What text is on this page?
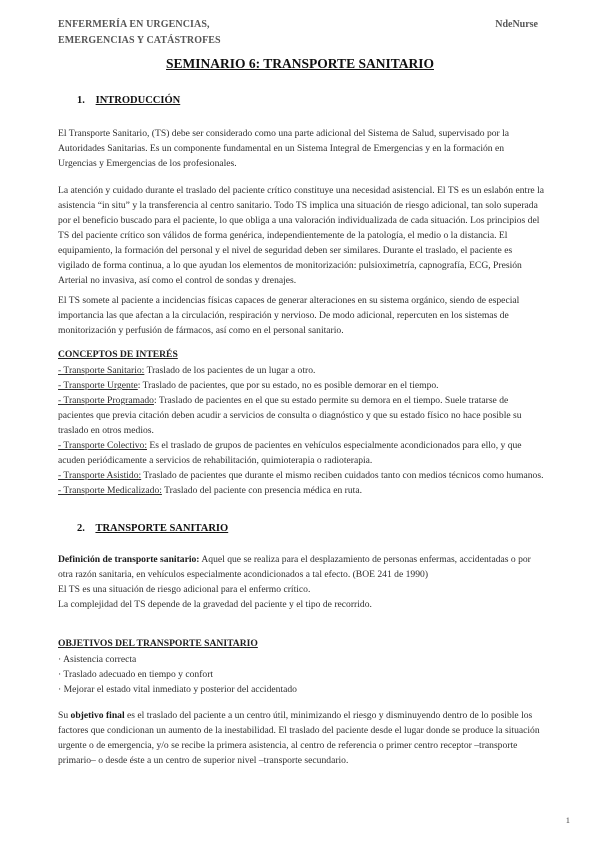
ENFERMERÍA EN URGENCIAS,
EMERGENCIAS Y CATÁSTROFES
NdeNurse
SEMINARIO 6: TRANSPORTE SANITARIO
1. INTRODUCCIÓN

El Transporte Sanitario, (TS) debe ser considerado como una parte adicional del Sistema de Salud, supervisado por la Autoridades Sanitarias. Es un componente fundamental en un Sistema Integral de Emergencias y en la formación en Urgencias y Emergencias de los profesionales.

La atención y cuidado durante el traslado del paciente crítico constituye una necesidad asistencial. El TS es un eslabón entre la asistencia “in situ” y la transferencia al centro sanitario. Todo TS implica una situación de riesgo adicional, tan solo superada por el beneficio buscado para el paciente, lo que obliga a una valoración individualizada de cada situación. Los principios del TS del paciente crítico son válidos de forma genérica, independientemente de la patología, el medio o la distancia. El equipamiento, la formación del personal y el nivel de seguridad deben ser similares. Durante el traslado, el paciente es vigilado de forma continua, a lo que ayudan los elementos de monitorización: pulsioximetría, capnografía, ECG, Presión Arterial no invasiva, así como el control de sondas y drenajes.

El TS somete al paciente a incidencias físicas capaces de generar alteraciones en su sistema orgánico, siendo de especial importancia las que afectan a la circulación, respiración y nervioso. De modo adicional, repercuten en los sistemas de monitorización y perfusión de fármacos, así como en el personal sanitario.

CONCEPTOS DE INTERÉS

- Transporte Sanitario: Traslado de los pacientes de un lugar a otro.

- Transporte Urgente: Traslado de pacientes, que por su estado, no es posible demorar en el tiempo.

- Transporte Programado: Traslado de pacientes en el que su estado permite su demora en el tiempo. Suele tratarse de pacientes que previa citación deben acudir a servicios de consulta o diagnóstico y que su estado físico no hace posible su traslado en otros medios.

- Transporte Colectivo: Es el traslado de grupos de pacientes en vehículos especialmente acondicionados para ello, y que acuden periódicamente a servicios de rehabilitación, quimioterapia o radioterapia.

- Transporte Asistido: Traslado de pacientes que durante el mismo reciben cuidados tanto con medios técnicos como humanos.

- Transporte Medicalizado: Traslado del paciente con presencia médica en ruta.

2. TRANSPORTE SANITARIO

Definición de transporte sanitario: Aquel que se realiza para el desplazamiento de personas enfermas, accidentadas o por otra razón sanitaria, en vehículos especialmente acondicionados a tal efecto. (BOE 241 de 1990)

El TS es una situación de riesgo adicional para el enfermo crítico.

La complejidad del TS depende de la gravedad del paciente y el tipo de recorrido.

OBJETIVOS DEL TRANSPORTE SANITARIO

· Asistencia correcta

· Traslado adecuado en tiempo y confort

· Mejorar el estado vital inmediato y posterior del accidentado

Su objetivo final es el traslado del paciente a un centro útil, minimizando el riesgo y disminuyendo dentro de lo posible los factores que condicionan un aumento de la inestabilidad. El traslado del paciente desde el lugar donde se produce la situación urgente o de emergencia, y/o se recibe la primera asistencia, al centro de referencia o primer centro receptor –transporte primario– o desde éste a un centro de superior nivel –transporte secundario.

1
